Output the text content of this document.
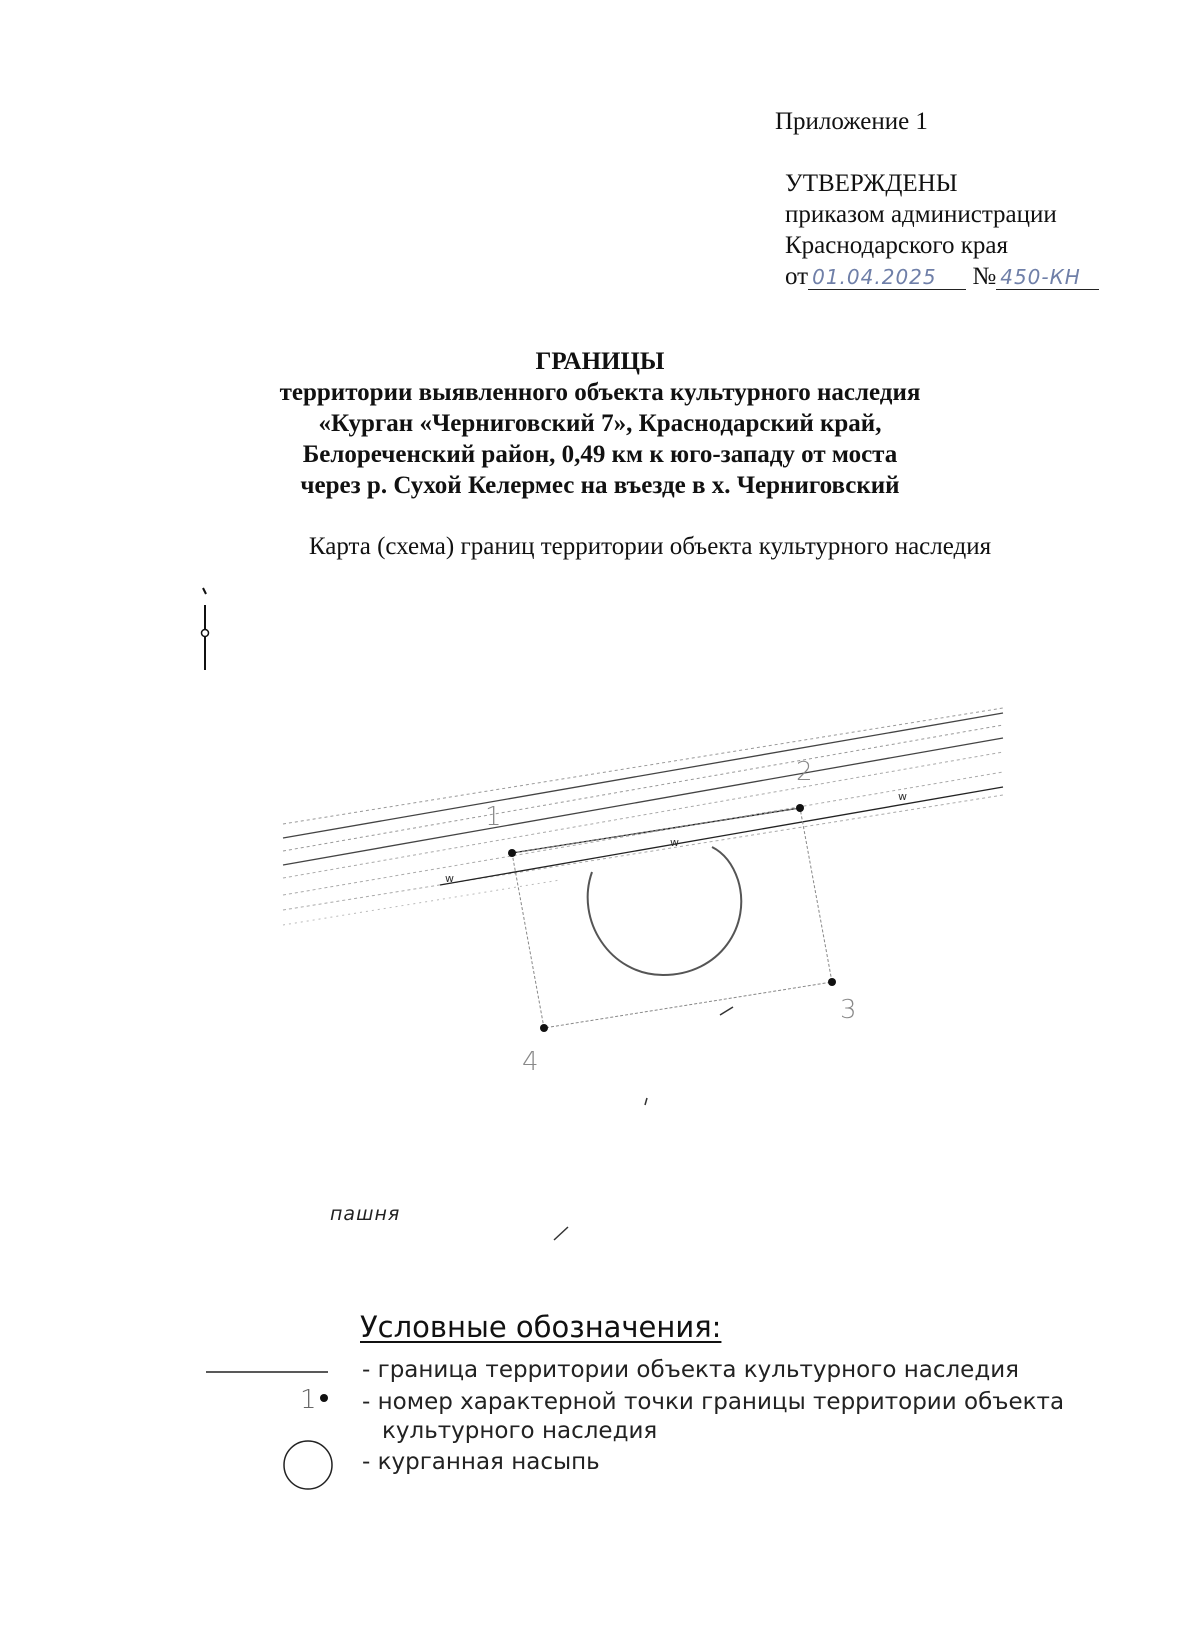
Приложение 1
УТВЕРЖДЕНЫ
приказом администрации
Краснодарского края
от 01.04.2025 № 450-КН
ГРАНИЦЫ
территории выявленного объекта культурного наследия
«Курган «Черниговский 7», Краснодарский край,
Белореченский район, 0,49 км к юго-западу от моста
через р. Сухой Келермес на въезде в х. Черниговский
Карта (схема) границ территории объекта культурного наследия
w
w
w
1
2
3
4
пашня
Условные обозначения:
1
- граница территории объекта культурного наследия
- номер характерной точки границы территории объекта
культурного наследия
- курганная насыпь
